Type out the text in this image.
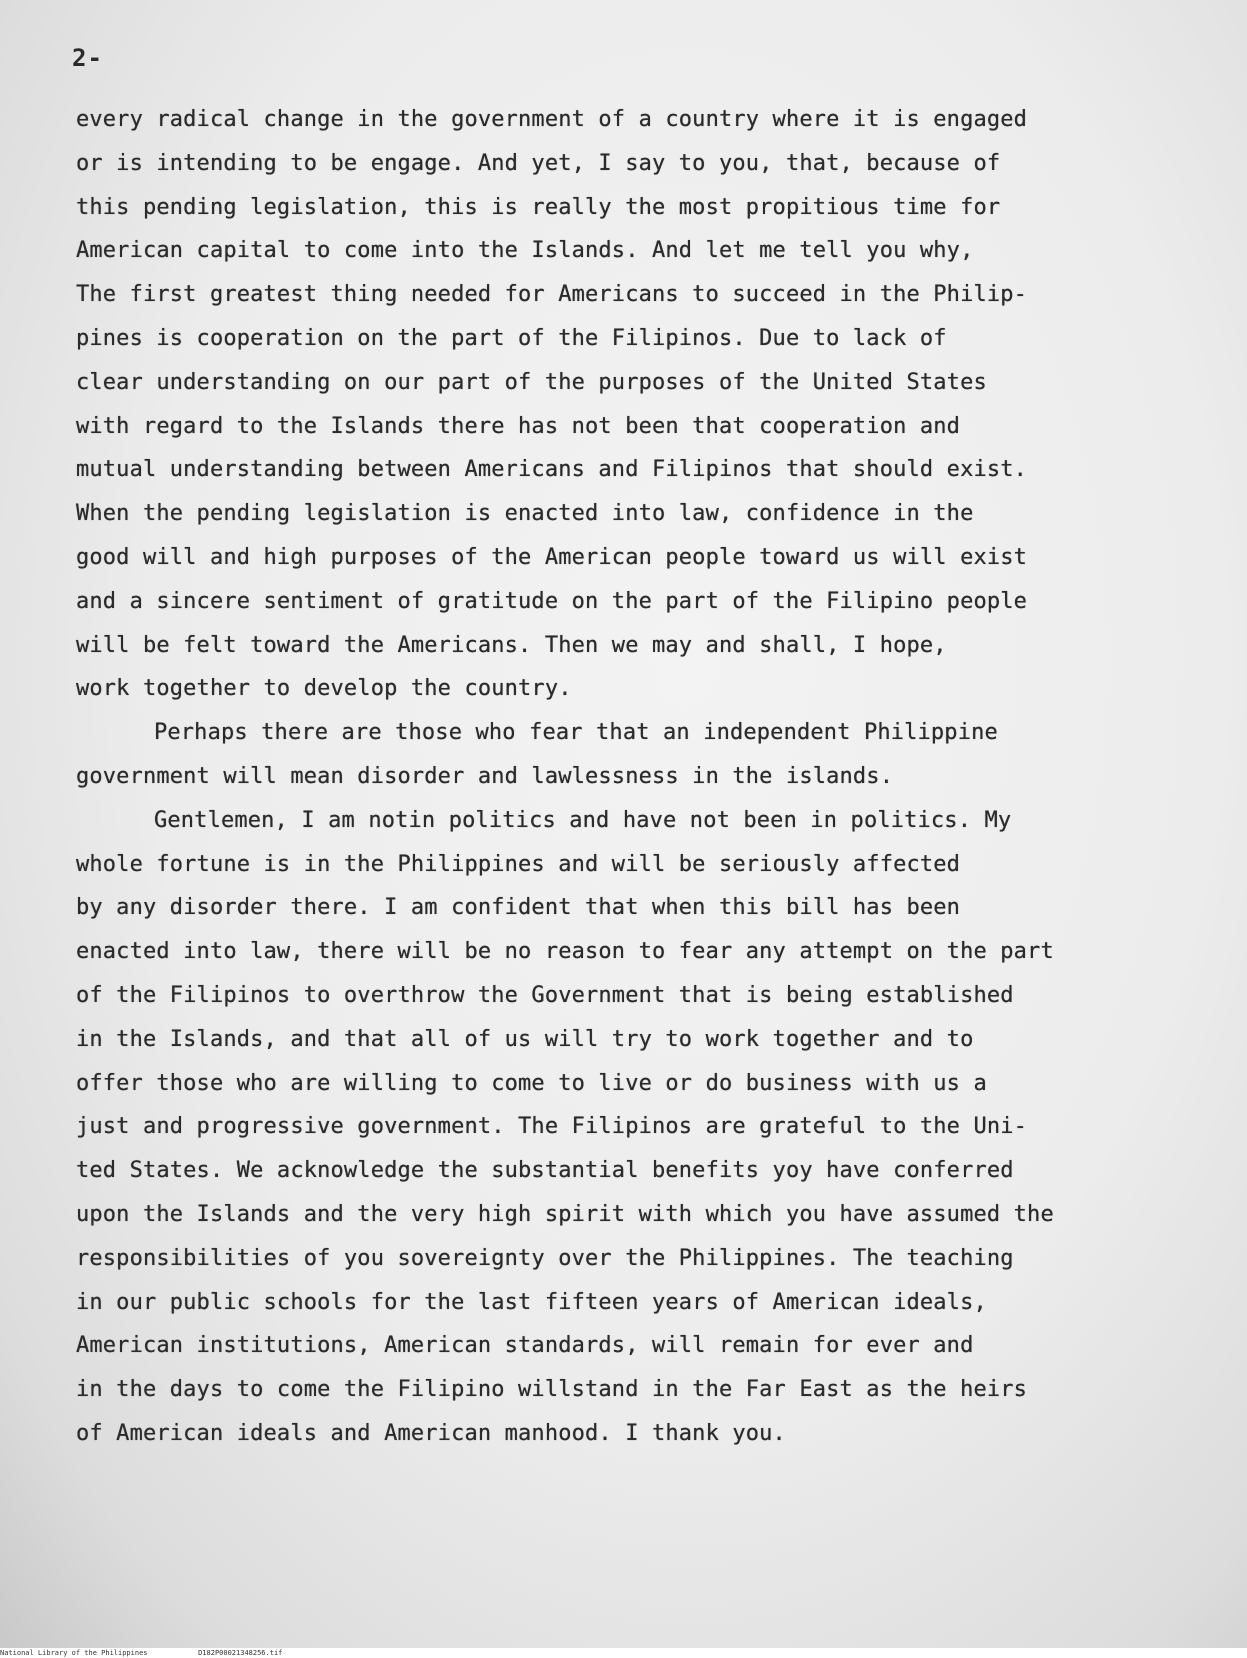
2-
every radical change in the government of a country where it is engaged
or is intending to be engage. And yet, I say to you, that, because of
this pending legislation, this is really the most propitious time for
American capital to come into the Islands. And let me tell you why,
The first greatest thing needed for Americans to succeed in the Philip-
pines is cooperation on the part of the Filipinos. Due to lack of
clear understanding on our part of the purposes of the United States
with regard to the Islands there has not been that cooperation and
mutual understanding between Americans and Filipinos that should exist.
When the pending legislation is enacted into law, confidence in the
good will and high purposes of the American people toward us will exist
and a sincere sentiment of gratitude on the part of the Filipino people
will be felt toward the Americans. Then we may and shall, I hope,
work together to develop the country.
Perhaps there are those who fear that an independent Philippine
government will mean disorder and lawlessness in the islands.
Gentlemen, I am notin politics and have not been in politics. My
whole fortune is in the Philippines and will be seriously affected
by any disorder there. I am confident that when this bill has been
enacted into law, there will be no reason to fear any attempt on the part
of the Filipinos to overthrow the Government that is being established
in the Islands, and that all of us will try to work together and to
offer those who are willing to come to live or do business with us a
just and progressive government. The Filipinos are grateful to the Uni-
ted States. We acknowledge the substantial benefits yoy have conferred
upon the Islands and the very high spirit with which you have assumed the
responsibilities of you sovereignty over the Philippines. The teaching
in our public schools for the last fifteen years of American ideals,
American institutions, American standards, will remain for ever and
in the days to come the Filipino willstand in the Far East as the heirs
of American ideals and American manhood. I thank you.
National Library of the Philippines	D182P00021348256.tif
